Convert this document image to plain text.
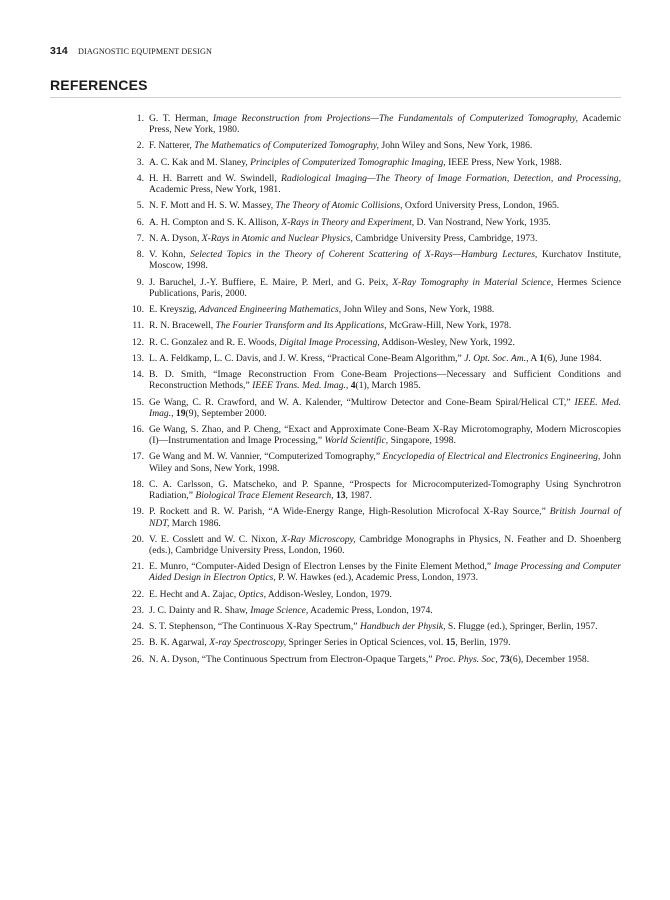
314 DIAGNOSTIC EQUIPMENT DESIGN
REFERENCES
1. G. T. Herman, Image Reconstruction from Projections—The Fundamentals of Computerized Tomography, Academic Press, New York, 1980.
2. F. Natterer, The Mathematics of Computerized Tomography, John Wiley and Sons, New York, 1986.
3. A. C. Kak and M. Slaney, Principles of Computerized Tomographic Imaging, IEEE Press, New York, 1988.
4. H. H. Barrett and W. Swindell, Radiological Imaging—The Theory of Image Formation, Detection, and Processing, Academic Press, New York, 1981.
5. N. F. Mott and H. S. W. Massey, The Theory of Atomic Collisions, Oxford University Press, London, 1965.
6. A. H. Compton and S. K. Allison, X-Rays in Theory and Experiment, D. Van Nostrand, New York, 1935.
7. N. A. Dyson, X-Rays in Atomic and Nuclear Physics, Cambridge University Press, Cambridge, 1973.
8. V. Kohn, Selected Topics in the Theory of Coherent Scattering of X-Rays—Hamburg Lectures, Kurchatov Institute, Moscow, 1998.
9. J. Baruchel, J.-Y. Buffiere, E. Maire, P. Merl, and G. Peix, X-Ray Tomography in Material Science, Hermes Science Publications, Paris, 2000.
10. E. Kreyszig, Advanced Engineering Mathematics, John Wiley and Sons, New York, 1988.
11. R. N. Bracewell, The Fourier Transform and Its Applications, McGraw-Hill, New York, 1978.
12. R. C. Gonzalez and R. E. Woods, Digital Image Processing, Addison-Wesley, New York, 1992.
13. L. A. Feldkamp, L. C. Davis, and J. W. Kress, “Practical Cone-Beam Algorithm,” J. Opt. Soc. Am., A 1(6), June 1984.
14. B. D. Smith, “Image Reconstruction From Cone-Beam Projections—Necessary and Sufficient Conditions and Reconstruction Methods,” IEEE Trans. Med. Imag., 4(1), March 1985.
15. Ge Wang, C. R. Crawford, and W. A. Kalender, “Multirow Detector and Cone-Beam Spiral/Helical CT,” IEEE. Med. Imag., 19(9), September 2000.
16. Ge Wang, S. Zhao, and P. Cheng, “Exact and Approximate Cone-Beam X-Ray Microtomography, Modern Microscopies (I)—Instrumentation and Image Processing,” World Scientific, Singapore, 1998.
17. Ge Wang and M. W. Vannier, “Computerized Tomography,” Encyclopedia of Electrical and Electronics Engineering, John Wiley and Sons, New York, 1998.
18. C. A. Carlsson, G. Matscheko, and P. Spanne, “Prospects for Microcomputerized-Tomography Using Synchrotron Radiation,” Biological Trace Element Research, 13, 1987.
19. P. Rockett and R. W. Parish, “A Wide-Energy Range, High-Resolution Microfocal X-Ray Source,” British Journal of NDT, March 1986.
20. V. E. Cosslett and W. C. Nixon, X-Ray Microscopy, Cambridge Monographs in Physics, N. Feather and D. Shoenberg (eds.), Cambridge University Press, London, 1960.
21. E. Munro, “Computer-Aided Design of Electron Lenses by the Finite Element Method,” Image Processing and Computer Aided Design in Electron Optics, P. W. Hawkes (ed.), Academic Press, London, 1973.
22. E. Hecht and A. Zajac, Optics, Addison-Wesley, London, 1979.
23. J. C. Dainty and R. Shaw, Image Science, Academic Press, London, 1974.
24. S. T. Stephenson, “The Continuous X-Ray Spectrum,” Handbuch der Physik, S. Flugge (ed.), Springer, Berlin, 1957.
25. B. K. Agarwal, X-ray Spectroscopy, Springer Series in Optical Sciences, vol. 15, Berlin, 1979.
26. N. A. Dyson, “The Continuous Spectrum from Electron-Opaque Targets,” Proc. Phys. Soc, 73(6), December 1958.
